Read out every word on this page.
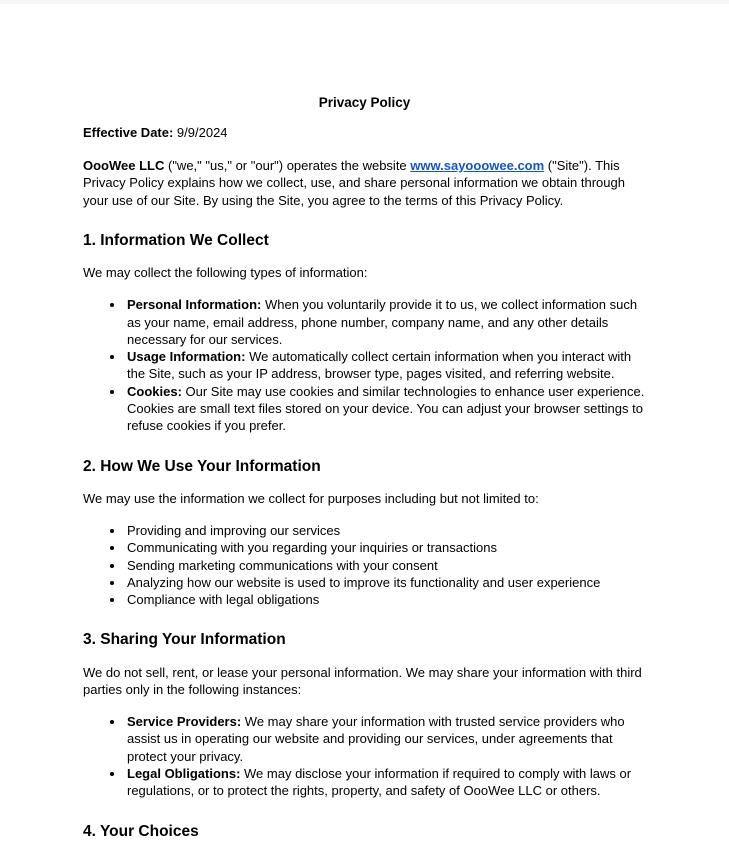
Privacy Policy

Effective Date: 9/9/2024

OooWee LLC ("we," "us," or "our") operates the website www.sayooowee.com ("Site"). This Privacy Policy explains how we collect, use, and share personal information we obtain through your use of our Site. By using the Site, you agree to the terms of this Privacy Policy.

1. Information We Collect

We may collect the following types of information:

• Personal Information: When you voluntarily provide it to us, we collect information such as your name, email address, phone number, company name, and any other details necessary for our services.
• Usage Information: We automatically collect certain information when you interact with the Site, such as your IP address, browser type, pages visited, and referring website.
• Cookies: Our Site may use cookies and similar technologies to enhance user experience. Cookies are small text files stored on your device. You can adjust your browser settings to refuse cookies if you prefer.
2. How We Use Your Information

We may use the information we collect for purposes including but not limited to:

• Providing and improving our services
• Communicating with you regarding your inquiries or transactions
• Sending marketing communications with your consent
• Analyzing how our website is used to improve its functionality and user experience
• Compliance with legal obligations
3. Sharing Your Information

We do not sell, rent, or lease your personal information. We may share your information with third parties only in the following instances:

• Service Providers: We may share your information with trusted service providers who assist us in operating our website and providing our services, under agreements that protect your privacy.
• Legal Obligations: We may disclose your information if required to comply with laws or regulations, or to protect the rights, property, and safety of OooWee LLC or others.
4. Your Choices
